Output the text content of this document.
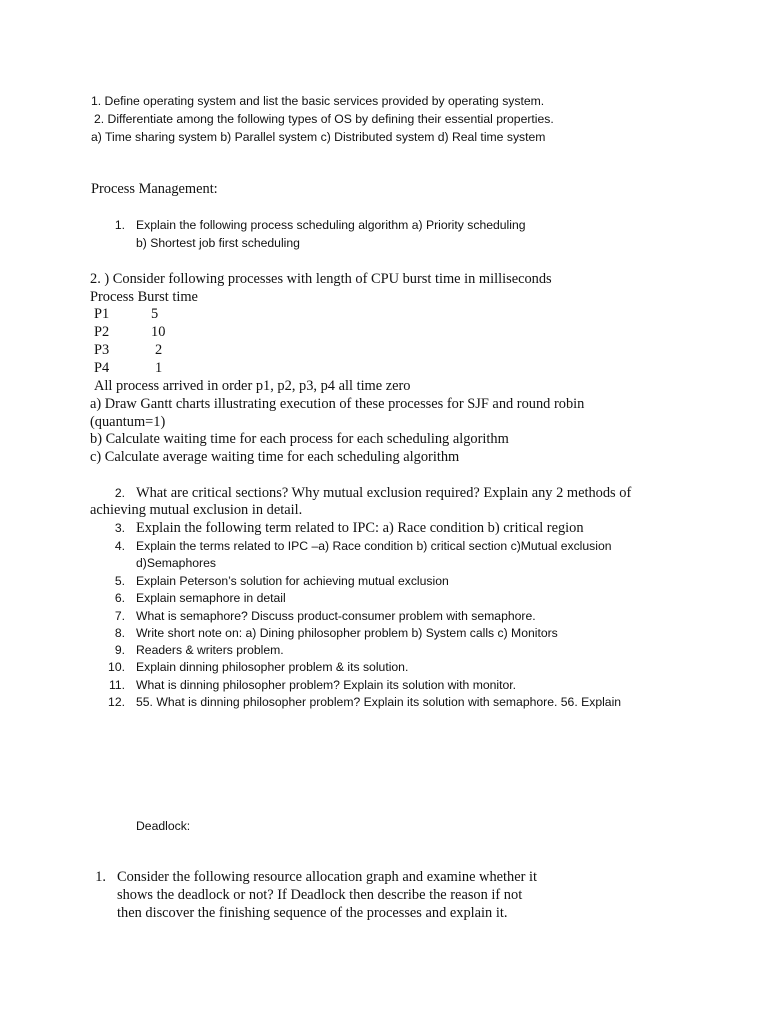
1. Define operating system and list the basic services provided by operating system.
2. Differentiate among the following types of OS by defining their essential properties.
a) Time sharing system b) Parallel system c) Distributed system d) Real time system
Process Management:
1. Explain the following process scheduling algorithm a) Priority scheduling
b) Shortest job first scheduling
2. ) Consider following processes with length of CPU burst time in milliseconds
Process Burst time
P1	5
P2	10
P3	2
P4	1
All process arrived in order p1, p2, p3, p4 all time zero
a) Draw Gantt charts illustrating execution of these processes for SJF and round robin
(quantum=1)
b) Calculate waiting time for each process for each scheduling algorithm
c) Calculate average waiting time for each scheduling algorithm
2. What are critical sections? Why mutual exclusion required? Explain any 2 methods of
achieving mutual exclusion in detail.
3. Explain the following term related to IPC: a) Race condition b) critical region
4. Explain the terms related to IPC –a) Race condition b) critical section c)Mutual exclusion
d)Semaphores
5. Explain Peterson’s solution for achieving mutual exclusion
6. Explain semaphore in detail
7. What is semaphore? Discuss product-consumer problem with semaphore.
8. Write short note on: a) Dining philosopher problem b) System calls c) Monitors
9. Readers & writers problem.
10. Explain dinning philosopher problem & its solution.
11. What is dinning philosopher problem? Explain its solution with monitor.
12. 55. What is dinning philosopher problem? Explain its solution with semaphore. 56. Explain
Deadlock:
1. Consider the following resource allocation graph and examine whether it
shows the deadlock or not? If Deadlock then describe the reason if not
then discover the finishing sequence of the processes and explain it.
